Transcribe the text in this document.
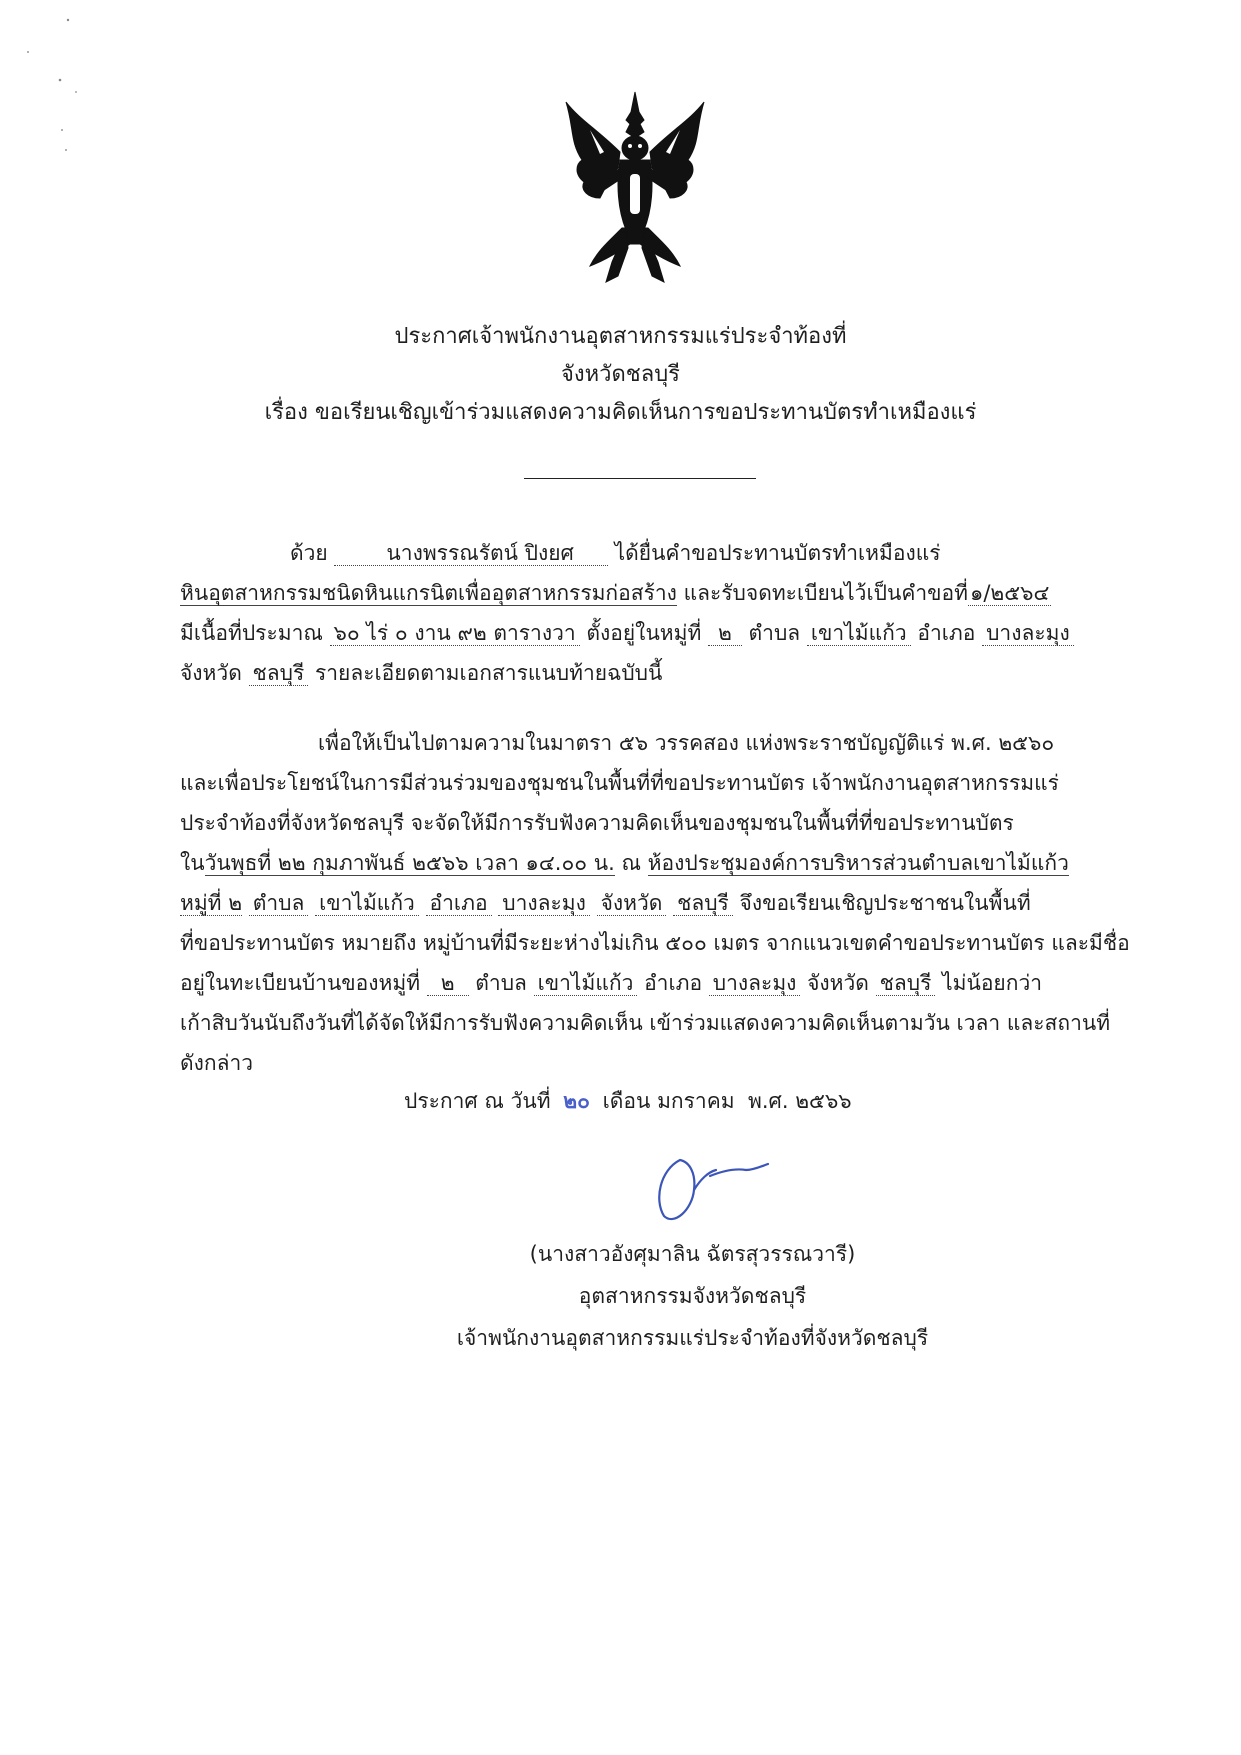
ประกาศเจ้าพนักงานอุตสาหกรรมแร่ประจำท้องที่
จังหวัดชลบุรี
เรื่อง ขอเรียนเชิญเข้าร่วมแสดงความคิดเห็นการขอประทานบัตรทำเหมืองแร่
ด้วย	นางพรรณรัตน์ ปิงยศ ได้ยื่นคำขอประทานบัตรทำเหมืองแร่
หินอุตสาหกรรมชนิดหินแกรนิตเพื่ออุตสาหกรรมก่อสร้าง และรับจดทะเบียนไว้เป็นคำขอที่๑/๒๕๖๔
มีเนื้อที่ประมาณ ๖๐ ไร่ ๐ งาน ๙๒ ตารางวา ตั้งอยู่ในหมู่ที่ ๒ ตำบล เขาไม้แก้ว อำเภอ บางละมุง
จังหวัด ชลบุรี รายละเอียดตามเอกสารแนบท้ายฉบับนี้
เพื่อให้เป็นไปตามความในมาตรา ๕๖ วรรคสอง แห่งพระราชบัญญัติแร่ พ.ศ. ๒๕๖๐
และเพื่อประโยชน์ในการมีส่วนร่วมของชุมชนในพื้นที่ที่ขอประทานบัตร เจ้าพนักงานอุตสาหกรรมแร่
ประจำท้องที่จังหวัดชลบุรี จะจัดให้มีการรับฟังความคิดเห็นของชุมชนในพื้นที่ที่ขอประทานบัตร
ในวันพุธที่ ๒๒ กุมภาพันธ์ ๒๕๖๖ เวลา ๑๔.๐๐ น. ณ ห้องประชุมองค์การบริหารส่วนตำบลเขาไม้แก้ว
หมู่ที่ ๒ ตำบล เขาไม้แก้ว อำเภอ บางละมุง จังหวัด ชลบุรี จึงขอเรียนเชิญประชาชนในพื้นที่
ที่ขอประทานบัตร หมายถึง หมู่บ้านที่มีระยะห่างไม่เกิน ๕๐๐ เมตร จากแนวเขตคำขอประทานบัตร และมีชื่อ
อยู่ในทะเบียนบ้านของหมู่ที่ ๒ ตำบล เขาไม้แก้ว อำเภอ บางละมุง จังหวัด ชลบุรี ไม่น้อยกว่า
เก้าสิบวันนับถึงวันที่ได้จัดให้มีการรับฟังความคิดเห็น เข้าร่วมแสดงความคิดเห็นตามวัน เวลา และสถานที่
ดังกล่าว
ประกาศ ณ วันที่ ๒๐ เดือน มกราคม พ.ศ. ๒๕๖๖
(นางสาวอังศุมาลิน ฉัตรสุวรรณวารี)
อุตสาหกรรมจังหวัดชลบุรี
เจ้าพนักงานอุตสาหกรรมแร่ประจำท้องที่จังหวัดชลบุรี
